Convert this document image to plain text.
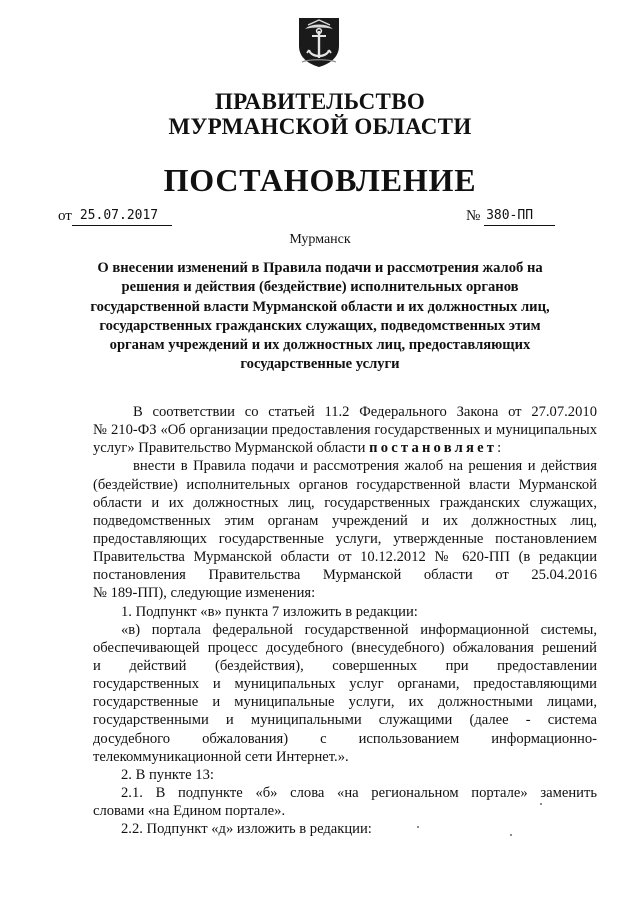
ПРАВИТЕЛЬСТВО
МУРМАНСКОЙ ОБЛАСТИ
ПОСТАНОВЛЕНИЕ
от 25.07.2017	№ 380-ПП
Мурманск
О внесении изменений в Правила подачи и рассмотрения жалоб на
решения и действия (бездействие) исполнительных органов
государственной власти Мурманской области и их должностных лиц,
государственных гражданских служащих, подведомственных этим
органам учреждений и их должностных лиц, предоставляющих
государственные услуги
В соответствии со статьей 11.2 Федерального Закона от 27.07.2010
№ 210-ФЗ «Об организации предоставления государственных и муниципальных
услуг» Правительство Мурманской области постановляет:
внести в Правила подачи и рассмотрения жалоб на решения и действия
(бездействие) исполнительных органов государственной власти Мурманской
области и их должностных лиц, государственных гражданских служащих,
подведомственных этим органам учреждений и их должностных лиц,
предоставляющих государственные услуги, утвержденные постановлением
Правительства Мурманской области от 10.12.2012 № 620-ПП (в редакции
постановления Правительства Мурманской области от 25.04.2016
№ 189-ПП), следующие изменения:
1. Подпункт «в» пункта 7 изложить в редакции:
«в) портала федеральной государственной информационной системы,
обеспечивающей процесс досудебного (внесудебного) обжалования решений
и действий (бездействия), совершенных при предоставлении
государственных и муниципальных услуг органами, предоставляющими
государственные и муниципальные услуги, их должностными лицами,
государственными и муниципальными служащими (далее - система
досудебного обжалования) с использованием информационно-
телекоммуникационной сети Интернет.».
2. В пункте 13:
2.1. В подпункте «б» слова «на региональном портале» заменить
словами «на Едином портале».
2.2. Подпункт «д» изложить в редакции:
